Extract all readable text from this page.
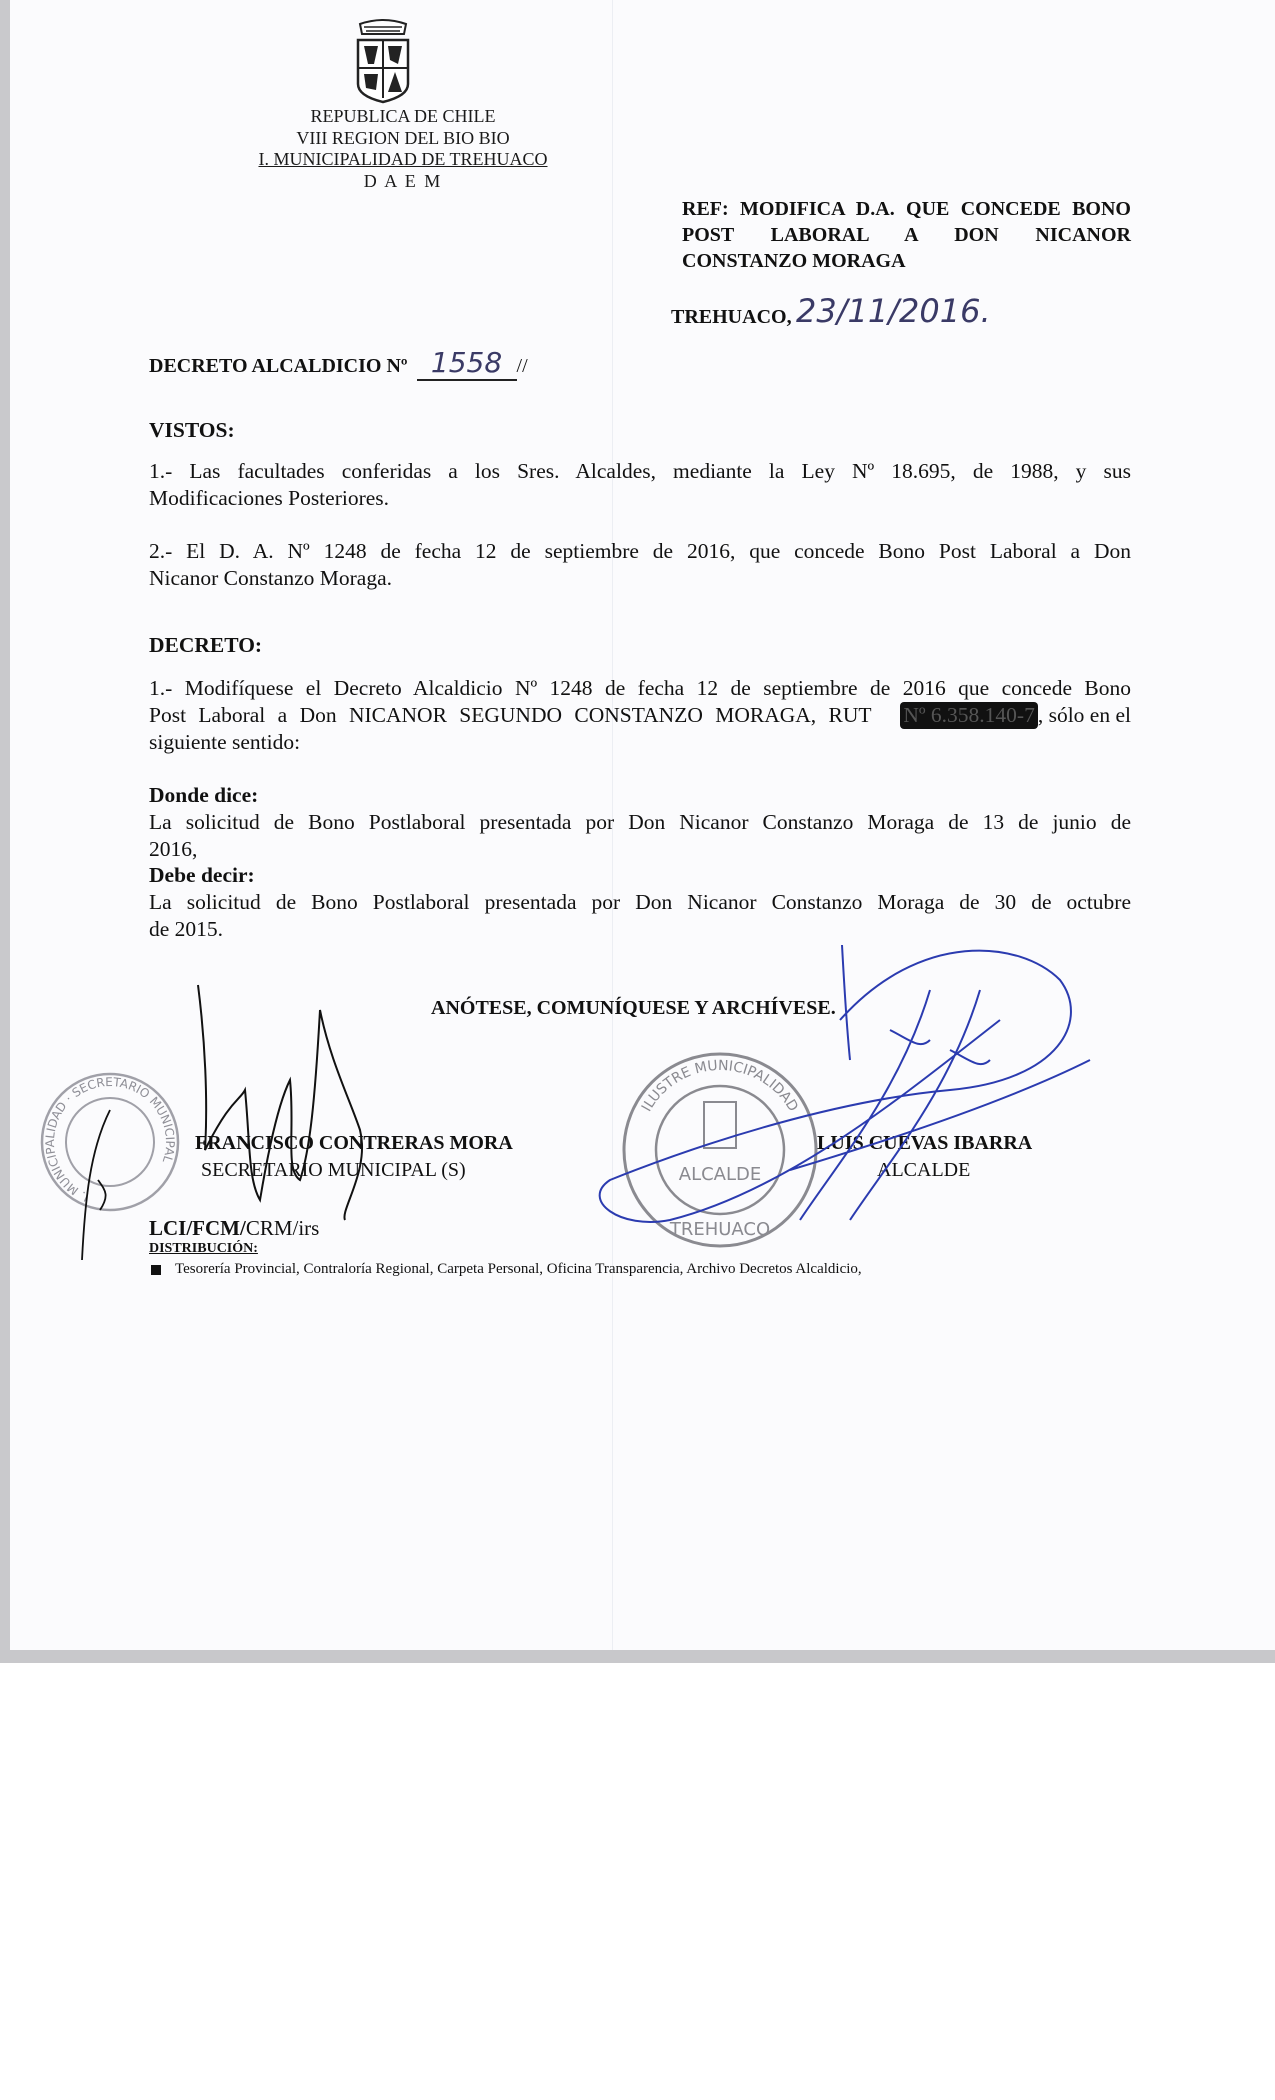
REPUBLICA DE CHILE
VIII REGION DEL BIO BIO
I. MUNICIPALIDAD DE TREHUACO
D A E M
REF: MODIFICA D.A. QUE CONCEDE BONO
POST LABORAL A DON NICANOR
CONSTANZO MORAGA
TREHUACO, 23/11/2016.
DECRETO ALCALDICIO Nº 1558 //
VISTOS:
1.- Las facultades conferidas a los Sres. Alcaldes, mediante la Ley Nº 18.695, de 1988, y sus
Modificaciones Posteriores.
2.- El D. A. Nº 1248 de fecha 12 de septiembre de 2016, que concede Bono Post Laboral a Don
Nicanor Constanzo Moraga.
DECRETO:
1.- Modifíquese el Decreto Alcaldicio Nº 1248 de fecha 12 de septiembre de 2016 que concede Bono
Post Laboral a Don NICANOR SEGUNDO CONSTANZO MORAGA, RUT Nº 6.358.140-7 , sólo en el
siguiente sentido:
Donde dice:
La solicitud de Bono Postlaboral presentada por Don Nicanor Constanzo Moraga de 13 de junio de
2016,
Debe decir:
La solicitud de Bono Postlaboral presentada por Don Nicanor Constanzo Moraga de 30 de octubre
de 2015.
ANÓTESE, COMUNÍQUESE Y ARCHÍVESE.
I. MUNICIPALIDAD · SECRETARIO MUNICIPAL
ILUSTRE MUNICIPALIDAD
ALCALDE
TREHUACO
FRANCISCO CONTRERAS MORA
SECRETARIO MUNICIPAL (S)
LUIS CUEVAS IBARRA
ALCALDE
LCI/FCM/CRM/irs
DISTRIBUCIÓN:
Tesorería Provincial, Contraloría Regional, Carpeta Personal, Oficina Transparencia, Archivo Decretos Alcaldicio,
